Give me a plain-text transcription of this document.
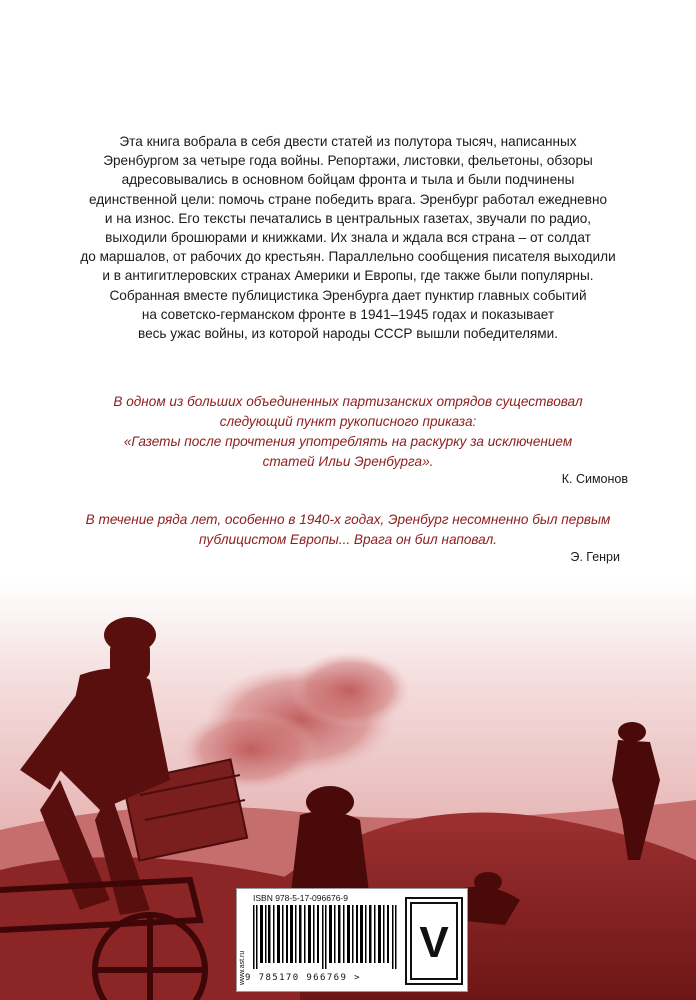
Эта книга вобрала в себя двести статей из полутора тысяч, написанных
Эренбургом за четыре года войны. Репортажи, листовки, фельетоны, обзоры
адресовывались в основном бойцам фронта и тыла и были подчинены
единственной цели: помочь стране победить врага. Эренбург работал ежедневно
и на износ. Его тексты печатались в центральных газетах, звучали по радио,
выходили брошюрами и книжками. Их знала и ждала вся страна – от солдат
до маршалов, от рабочих до крестьян. Параллельно сообщения писателя выходили
и в антигитлеровских странах Америки и Европы, где также были популярны.
Собранная вместе публицистика Эренбурга дает пунктир главных событий
на советско-германском фронте в 1941–1945 годах и показывает
весь ужас войны, из которой народы СССР вышли победителями.
В одном из больших объединенных партизанских отрядов существовал
следующий пункт рукописного приказа:
«Газеты после прочтения употреблять на раскурку за исключением
статей Ильи Эренбурга».
К. Симонов
В течение ряда лет, особенно в 1940-х годах, Эренбург несомненно был первым
публицистом Европы... Врага он бил наповал.
Э. Генри
ISBN 978-5-17-096676-9
www.ast.ru 9 785170 966769 >
V
